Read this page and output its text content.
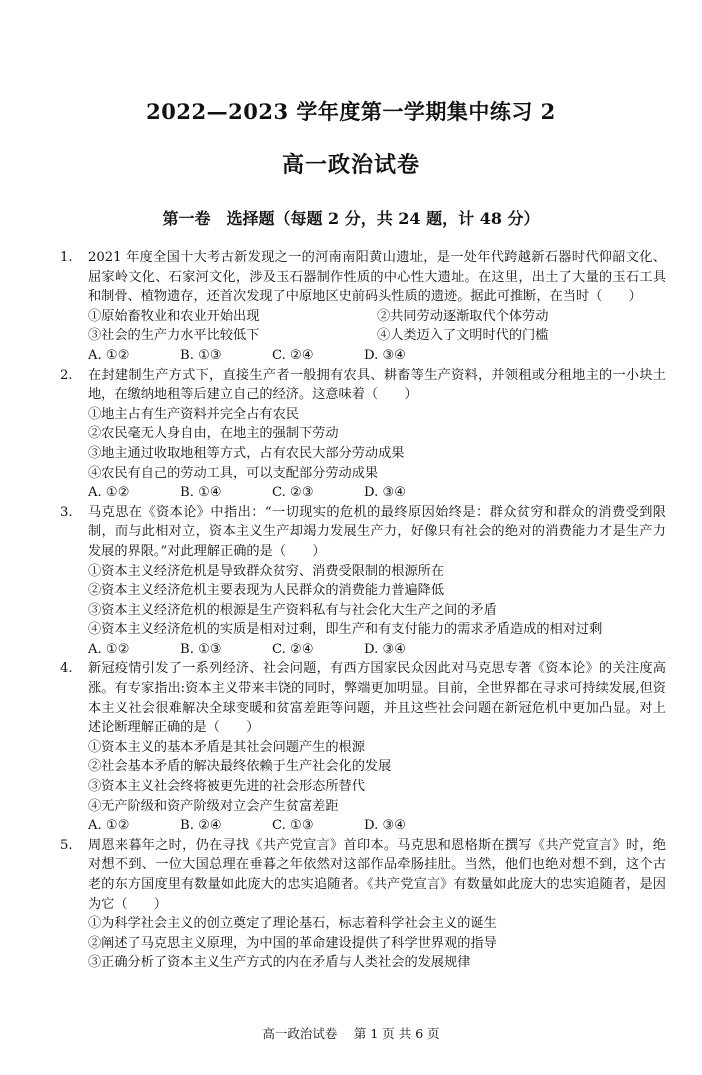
2022—2023 学年度第一学期集中练习 2
高一政治试卷
第一卷　选择题（每题 2 分，共 24 题，计 48 分）
1. 2021 年度全国十大考古新发现之一的河南南阳黄山遗址，是一处年代跨越新石器时代仰韶文化、屈家岭文化、石家河文化，涉及玉石器制作性质的中心性大遗址。在这里，出土了大量的玉石工具和制骨、植物遗存，还首次发现了中原地区史前码头性质的遗迹。据此可推断，在当时（　　）
①原始畜牧业和农业开始出现	②共同劳动逐渐取代个体劳动
③社会的生产力水平比较低下	④人类迈入了文明时代的门槛
A. ①②	B. ①③	C. ②④	D. ③④
2. 在封建制生产方式下，直接生产者一般拥有农具、耕畜等生产资料，并领租或分租地主的一小块土地，在缴纳地租等后建立自己的经济。这意味着（　　）
①地主占有生产资料并完全占有农民
②农民毫无人身自由，在地主的强制下劳动
③地主通过收取地租等方式，占有农民大部分劳动成果
④农民有自己的劳动工具，可以支配部分劳动成果
A. ①②	B. ①④	C. ②③	D. ③④
3. 马克思在《资本论》中指出：“一切现实的危机的最终原因始终是：群众贫穷和群众的消费受到限制，而与此相对立，资本主义生产却竭力发展生产力，好像只有社会的绝对的消费能力才是生产力发展的界限。”对此理解正确的是（　　）
①资本主义经济危机是导致群众贫穷、消费受限制的根源所在
②资本主义经济危机主要表现为人民群众的消费能力普遍降低
③资本主义经济危机的根源是生产资料私有与社会化大生产之间的矛盾
④资本主义经济危机的实质是相对过剩，即生产和有支付能力的需求矛盾造成的相对过剩
A. ①②	B. ①③	C. ②④	D. ③④
4. 新冠疫情引发了一系列经济、社会问题，有西方国家民众因此对马克思专著《资本论》的关注度高涨。有专家指出:资本主义带来丰饶的同时，弊端更加明显。目前，全世界都在寻求可持续发展,但资本主义社会很难解决全球变暖和贫富差距等问题，并且这些社会问题在新冠危机中更加凸显。对上述论断理解正确的是（　　）
①资本主义的基本矛盾是其社会问题产生的根源
②社会基本矛盾的解决最终依赖于生产社会化的发展
③资本主义社会终将被更先进的社会形态所替代
④无产阶级和资产阶级对立会产生贫富差距
A. ①②	B. ②④	C. ①③	D. ③④
5. 周恩来暮年之时，仍在寻找《共产党宣言》首印本。马克思和恩格斯在撰写《共产党宣言》时，绝对想不到、一位大国总理在垂暮之年依然对这部作品牵肠挂肚。当然，他们也绝对想不到，这个古老的东方国度里有数量如此庞大的忠实追随者。《共产党宣言》有数量如此庞大的忠实追随者，是因为它（　　）
①为科学社会主义的创立奠定了理论基石，标志着科学社会主义的诞生
②阐述了马克思主义原理，为中国的革命建设提供了科学世界观的指导
③正确分析了资本主义生产方式的内在矛盾与人类社会的发展规律
高一政治试卷　 第 1 页 共 6 页
